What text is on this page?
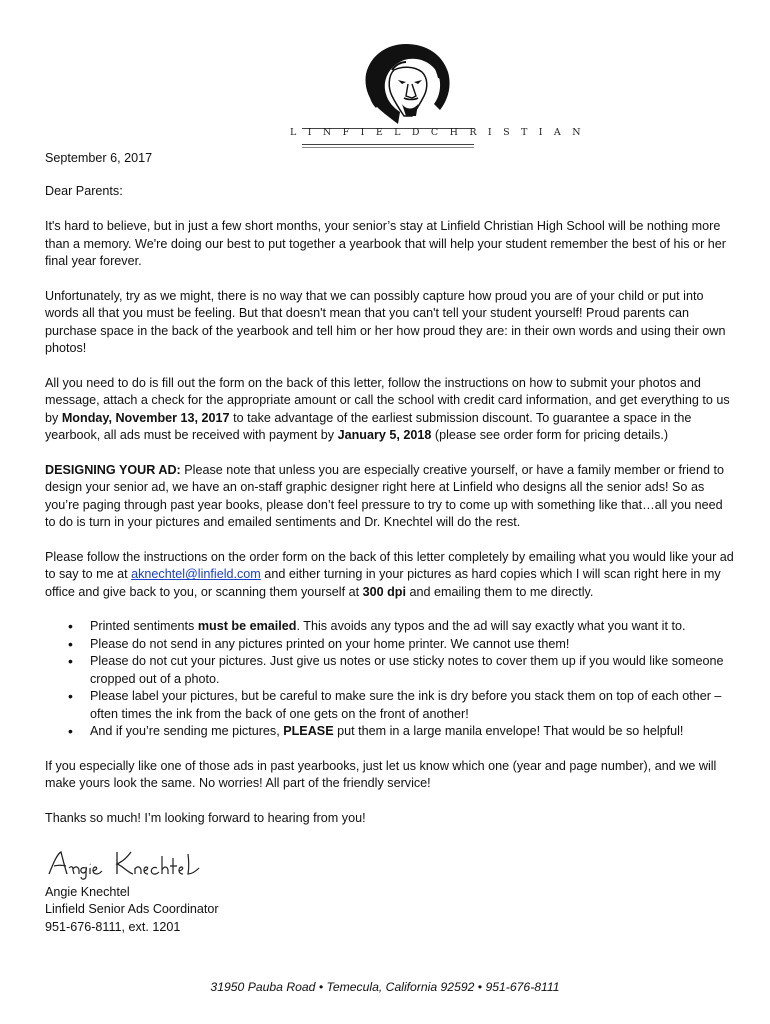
L I N F I E L D C H R I S T I A N

September 6, 2017

Dear Parents:

It's hard to believe, but in just a few short months, your senior’s stay at Linfield Christian High School will be nothing more than a memory. We're doing our best to put together a yearbook that will help your student remember the best of his or her final year forever.

Unfortunately, try as we might, there is no way that we can possibly capture how proud you are of your child or put into words all that you must be feeling. But that doesn't mean that you can't tell your student yourself! Proud parents can purchase space in the back of the yearbook and tell him or her how proud they are: in their own words and using their own photos!

All you need to do is fill out the form on the back of this letter, follow the instructions on how to submit your photos and message, attach a check for the appropriate amount or call the school with credit card information, and get everything to us by Monday, November 13, 2017 to take advantage of the earliest submission discount. To guarantee a space in the yearbook, all ads must be received with payment by January 5, 2018 (please see order form for pricing details.)

DESIGNING YOUR AD: Please note that unless you are especially creative yourself, or have a family member or friend to design your senior ad, we have an on-staff graphic designer right here at Linfield who designs all the senior ads! So as you’re paging through past year books, please don’t feel pressure to try to come up with something like that…all you need to do is turn in your pictures and emailed sentiments and Dr. Knechtel will do the rest.

Please follow the instructions on the order form on the back of this letter completely by emailing what you would like your ad to say to me at aknechtel@linfield.com and either turning in your pictures as hard copies which I will scan right here in my office and give back to you, or scanning them yourself at 300 dpi and emailing them to me directly.

• Printed sentiments must be emailed. This avoids any typos and the ad will say exactly what you want it to.
• Please do not send in any pictures printed on your home printer. We cannot use them!
• Please do not cut your pictures. Just give us notes or use sticky notes to cover them up if you would like someone cropped out of a photo.
• Please label your pictures, but be careful to make sure the ink is dry before you stack them on top of each other – often times the ink from the back of one gets on the front of another!
• And if you’re sending me pictures, PLEASE put them in a large manila envelope! That would be so helpful!

If you especially like one of those ads in past yearbooks, just let us know which one (year and page number), and we will make yours look the same. No worries! All part of the friendly service!

Thanks so much! I’m looking forward to hearing from you!

Angie Knechtel

Linfield Senior Ads Coordinator

951-676-8111, ext. 1201

31950 Pauba Road • Temecula, California 92592 • 951-676-8111
